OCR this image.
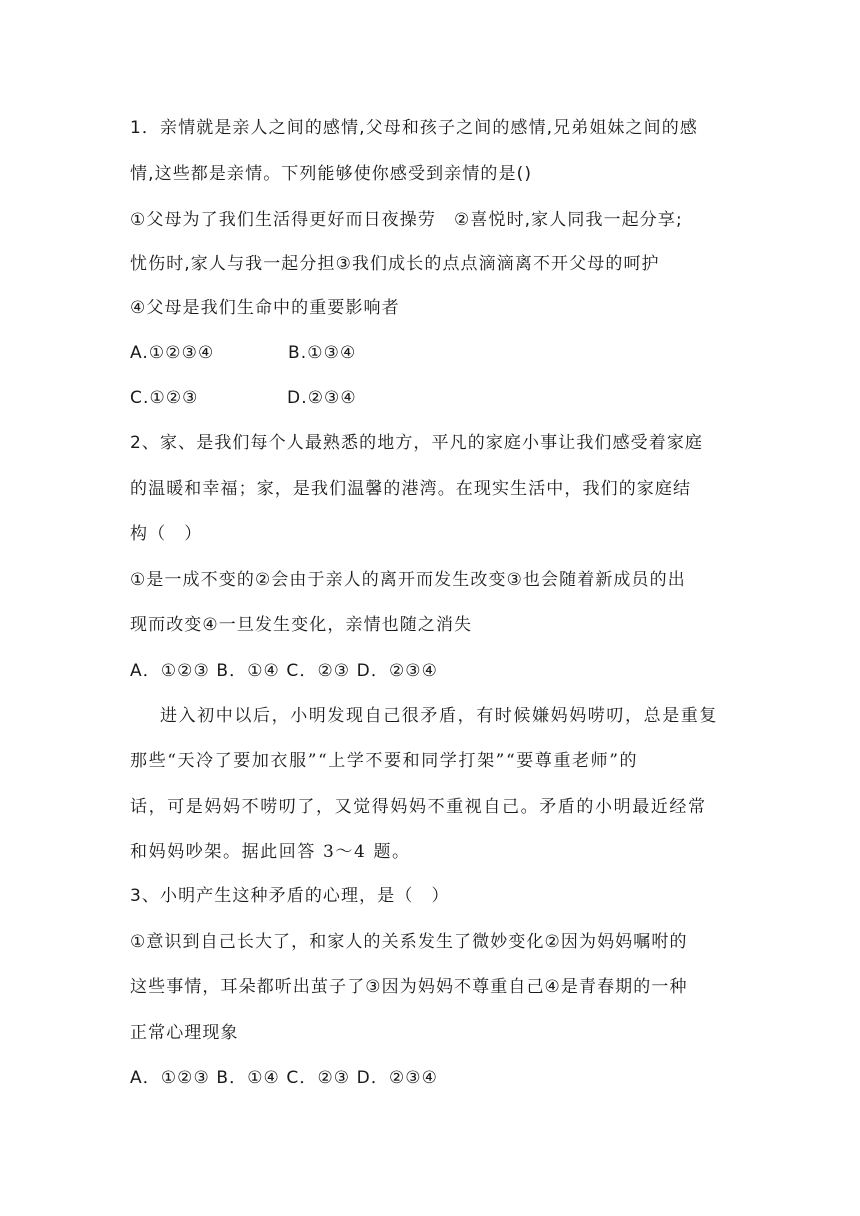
1．亲情就是亲人之间的感情,父母和孩子之间的感情,兄弟姐妹之间的感
情,这些都是亲情。下列能够使你感受到亲情的是()
①父母为了我们生活得更好而日夜操劳　②喜悦时,家人同我一起分享;
忧伤时,家人与我一起分担③我们成长的点点滴滴离不开父母的呵护
④父母是我们生命中的重要影响者
A.①②③④	B.①③④
C.①②③	D.②③④
2、家、是我们每个人最熟悉的地方，平凡的家庭小事让我们感受着家庭
的温暖和幸福；家，是我们温馨的港湾。在现实生活中，我们的家庭结
构（　）
①是一成不变的②会由于亲人的离开而发生改变③也会随着新成员的出
现而改变④一旦发生变化，亲情也随之消失
A．①②③ B．①④ C．②③ D．②③④
进入初中以后，小明发现自己很矛盾，有时候嫌妈妈唠叨，总是重复
那些“天冷了要加衣服”“上学不要和同学打架”“要尊重老师”的
话，可是妈妈不唠叨了，又觉得妈妈不重视自己。矛盾的小明最近经常
和妈妈吵架。据此回答 3～4 题。
3、小明产生这种矛盾的心理，是（　）
①意识到自己长大了，和家人的关系发生了微妙变化②因为妈妈嘱咐的
这些事情，耳朵都听出茧子了③因为妈妈不尊重自己④是青春期的一种
正常心理现象
A．①②③ B．①④ C．②③ D．②③④
